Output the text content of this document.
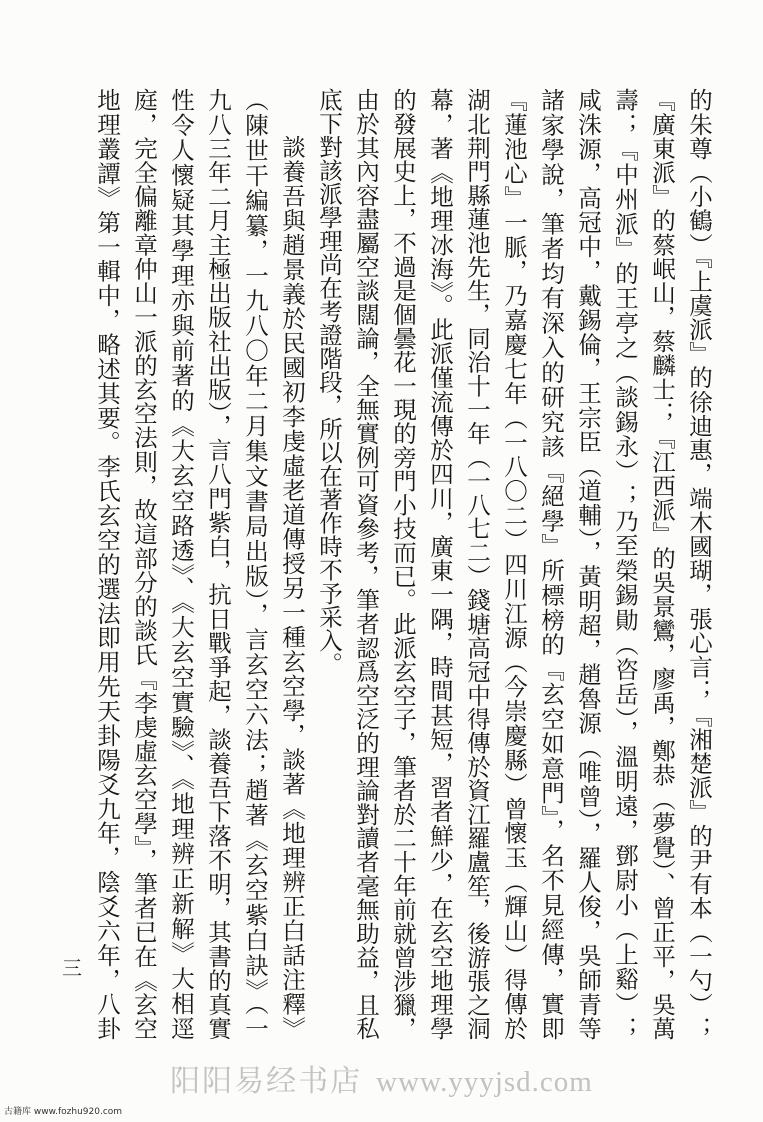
的朱尊（小鶴）『上虞派』的徐迪惠，端木國瑚，張心言；『湘楚派』的尹有本（一勺）；
『廣東派』的蔡岷山，蔡麟士；『江西派』的吳景鸞，廖禹，鄭恭（夢覺）、曾正平，吳萬
壽；『中州派』的王亭之（談錫永）；乃至榮錫勛（咨岳），溫明遠，鄧尉小（上谿）；
咸洙源，高冠中，戴錫倫，王宗臣（道輔），黃明超，趙魯源（唯曾），羅人俊，吳師青等
諸家學說，筆者均有深入的研究該『絕學』所標榜的『玄空如意門』，名不見經傳，實即
『蓮池心』一脈，乃嘉慶七年（一八〇二）四川江源（今崇慶縣）曾懷玉（輝山）得傳於
湖北荆門縣蓮池先生，同治十一年（一八七二）錢塘高冠中得傳於資江羅盧笙，後游張之洞
幕，著《地理冰海》。此派僅流傳於四川，廣東一隅，時間甚短，習者鮮少，在玄空地理學
的發展史上，不過是個曇花一現的旁門小技而已。此派玄空子，筆者於二十年前就曾涉獵，
由於其內容盡屬空談闊論，全無實例可資參考，筆者認爲空泛的理論對讀者毫無助益，且私
底下對該派學理尚在考證階段，所以在著作時不予采入。
談養吾與趙景義於民國初李虔虛老道傳授另一種玄空學，談著《地理辨正白話注釋》
（陳世干編纂，一九八〇年二月集文書局出版），言玄空六法；趙著《玄空紫白訣》（一
九八三年二月主極出版社出版），言八門紫白，抗日戰爭起，談養吾下落不明，其書的真實
性令人懷疑其學理亦與前著的《大玄空路透》、《大玄空實驗》、《地理辨正新解》大相逕
庭，完全偏離章仲山一派的玄空法則，故這部分的談氏『李虔虛玄空學』，筆者已在《玄空
地理叢譚》第一輯中，略述其要。李氏玄空的選法即用先天卦陽爻九年，陰爻六年，八卦
三
阳阳易经书店 www.yyyjsd.com
古籍库 www.fozhu920.com
